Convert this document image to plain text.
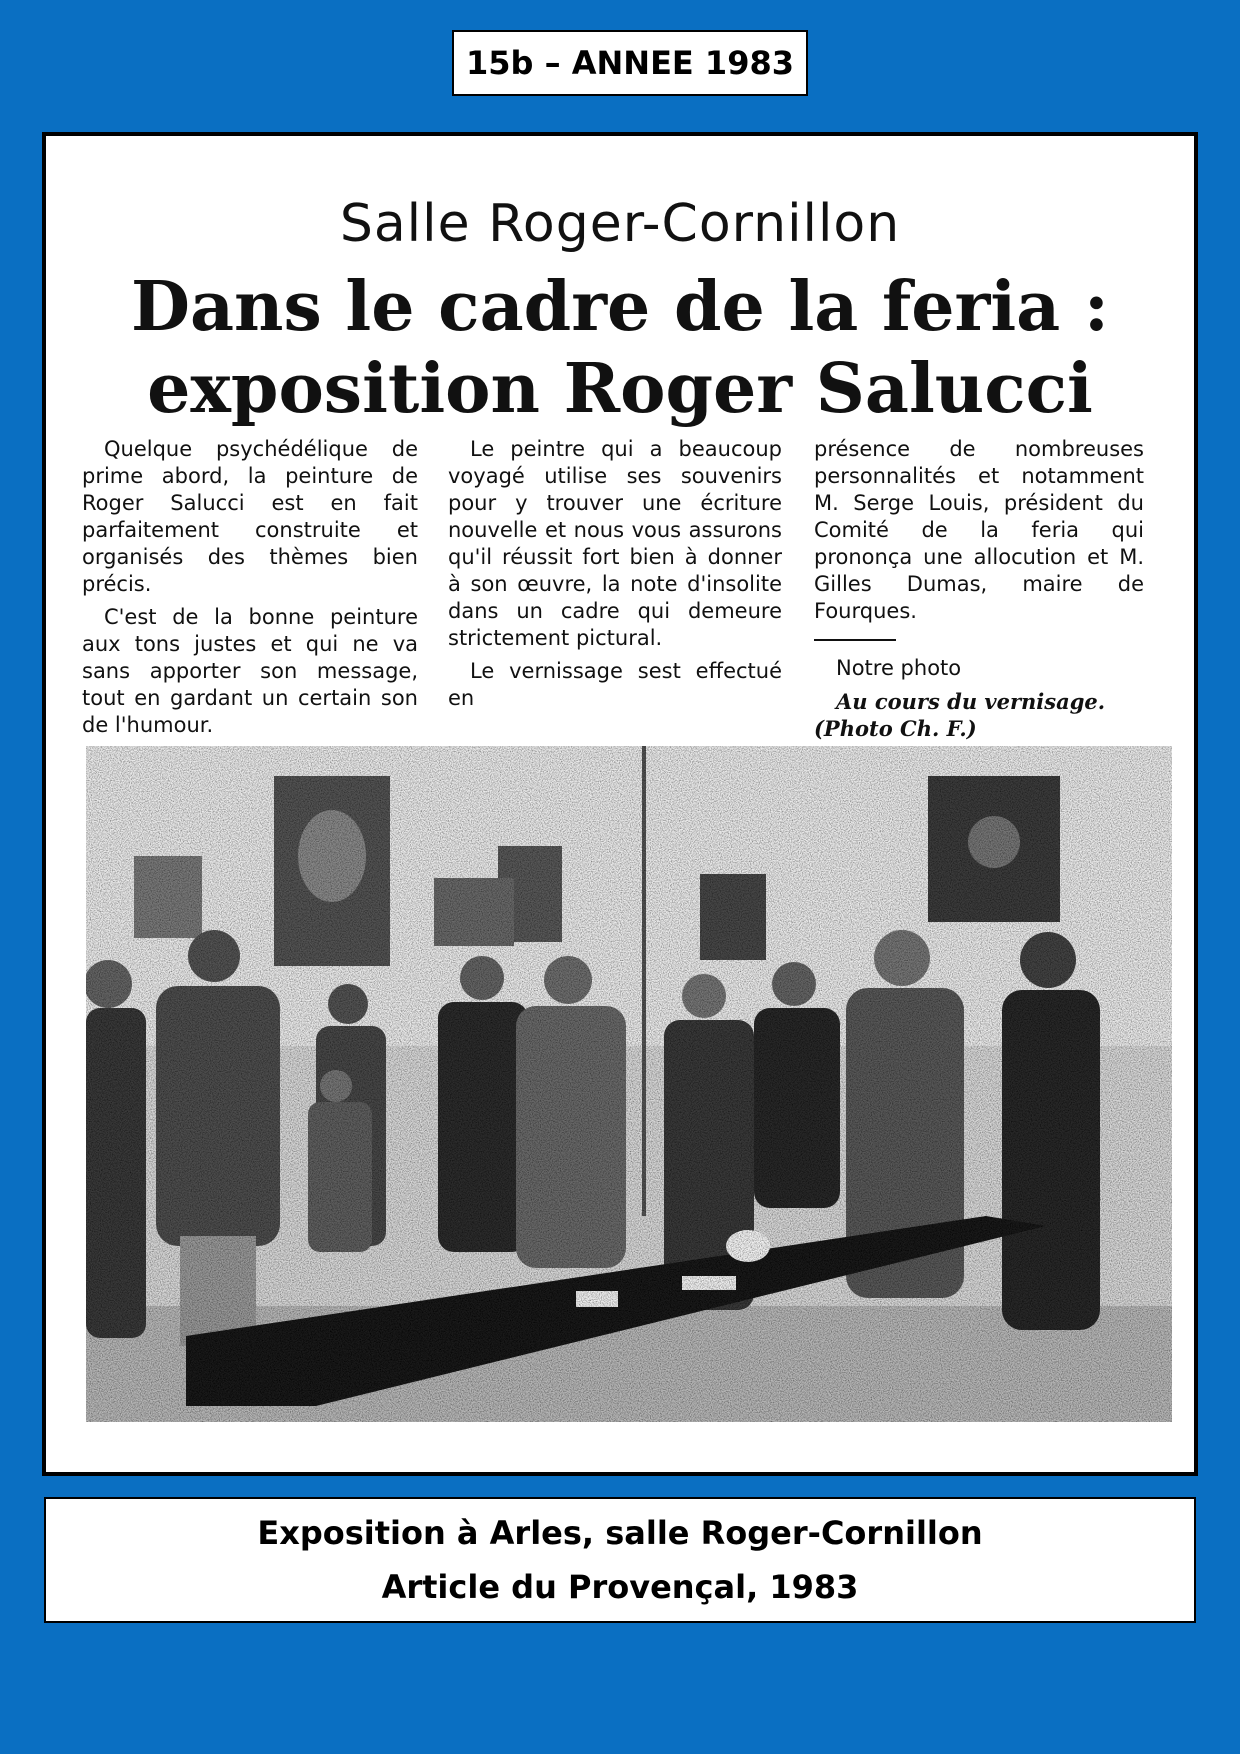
15b – ANNEE 1983
Salle Roger-Cornillon
Dans le cadre de la feria :
exposition Roger Salucci

Quelque psychédélique de prime abord, la peinture de Roger Salucci est en fait parfaitement construite et organisés des thèmes bien précis.

C'est de la bonne peinture aux tons justes et qui ne va sans apporter son message, tout en gardant un certain son de l'humour.

Le peintre qui a beaucoup voyagé utilise ses souvenirs pour y trouver une écriture nouvelle et nous vous assurons qu'il réussit fort bien à donner à son œuvre, la note d'insolite dans un cadre qui demeure strictement pictural.

Le vernissage sest effectué en

présence de nombreuses personnalités et notamment M. Serge Louis, président du Comité de la feria qui prononça une allocution et M. Gilles Dumas, maire de Fourques.

Notre photo

Au cours du vernisage.

(Photo Ch. F.)

Exposition à Arles, salle Roger-Cornillon
Article du Provençal, 1983
